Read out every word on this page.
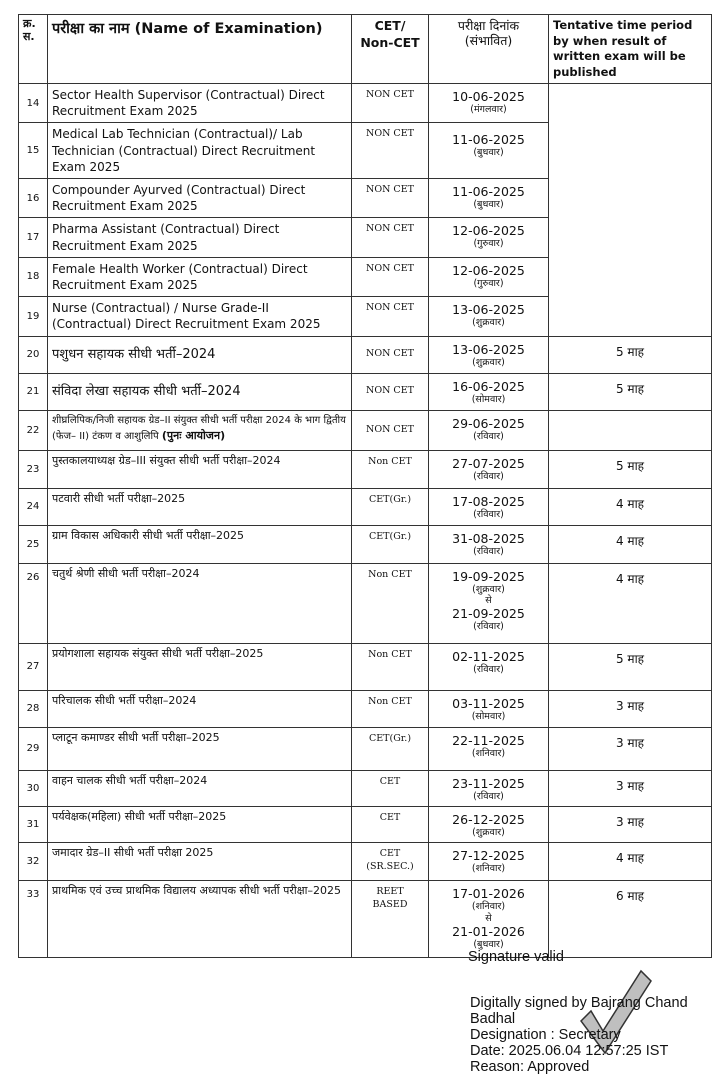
क्र. स.	परीक्षा का नाम (Name of Examination)	CET/
Non-CET	परीक्षा दिनांक
(संभावित)	Tentative time period by when result of written exam will be published
14	Sector Health Supervisor (Contractual) Direct Recruitment Exam 2025	NON CET	10-06-2025
(मंगलवार)	

15	Medical Lab Technician (Contractual)/ Lab Technician (Contractual) Direct Recruitment Exam 2025	NON CET	11-06-2025
(बुधवार)	

16	Compounder Ayurved (Contractual) Direct Recruitment Exam 2025	NON CET	11-06-2025
(बुधवार)	

17	Pharma Assistant (Contractual) Direct Recruitment Exam 2025	NON CET	12-06-2025
(गुरुवार)	

18	Female Health Worker (Contractual) Direct Recruitment Exam 2025	NON CET	12-06-2025
(गुरुवार)	

19	Nurse (Contractual) / Nurse Grade-II (Contractual) Direct Recruitment Exam 2025	NON CET	13-06-2025
(शुक्रवार)	

20	पशुधन सहायक सीधी भर्ती–2024	NON CET	13-06-2025
(शुक्रवार)	5 माह
21	संविदा लेखा सहायक सीधी भर्ती–2024	NON CET	16-06-2025
(सोमवार)	5 माह
22	शीघ्रलिपिक/निजी सहायक ग्रेड–II संयुक्त सीधी भर्ती परीक्षा 2024 के भाग द्वितीय (फेज– II) टंकण व आशुलिपि (पुनः आयोजन)	NON CET	29-06-2025
(रविवार)	

23	पुस्तकालयाध्यक्ष ग्रेड–III संयुक्त सीधी भर्ती परीक्षा–2024	Non CET	27-07-2025
(रविवार)	5 माह
24	पटवारी सीधी भर्ती परीक्षा–2025	CET(Gr.)	17-08-2025
(रविवार)	4 माह
25	ग्राम विकास अधिकारी सीधी भर्ती परीक्षा–2025	CET(Gr.)	31-08-2025
(रविवार)	4 माह
26	चतुर्थ श्रेणी सीधी भर्ती परीक्षा–2024	Non CET	19-09-2025
(शुक्रवार)
से
21-09-2025
(रविवार)	4 माह
27	प्रयोगशाला सहायक संयुक्त सीधी भर्ती परीक्षा–2025	Non CET	02-11-2025
(रविवार)	5 माह
28	परिचालक सीधी भर्ती परीक्षा–2024	Non CET	03-11-2025
(सोमवार)	3 माह
29	प्लाटून कमाण्डर सीधी भर्ती परीक्षा–2025	CET(Gr.)	22-11-2025
(शनिवार)	3 माह
30	वाहन चालक सीधी भर्ती परीक्षा–2024	CET	23-11-2025
(रविवार)	3 माह
31	पर्यवेक्षक(महिला) सीधी भर्ती परीक्षा–2025	CET	26-12-2025
(शुक्रवार)	3 माह
32	जमादार ग्रेड–II सीधी भर्ती परीक्षा 2025	CET
(SR.SEC.)	27-12-2025
(शनिवार)	4 माह
33	प्राथमिक एवं उच्च प्राथमिक विद्यालय अध्यापक सीधी भर्ती परीक्षा–2025	REET
BASED	17-01-2026
(शनिवार)
से
21-01-2026
(बुधवार)	6 माह
Signature valid
Digitally signed by Bajrang Chand
Badhal
Designation : Secretary
Date: 2025.06.04 12:57:25 IST
Reason: Approved
